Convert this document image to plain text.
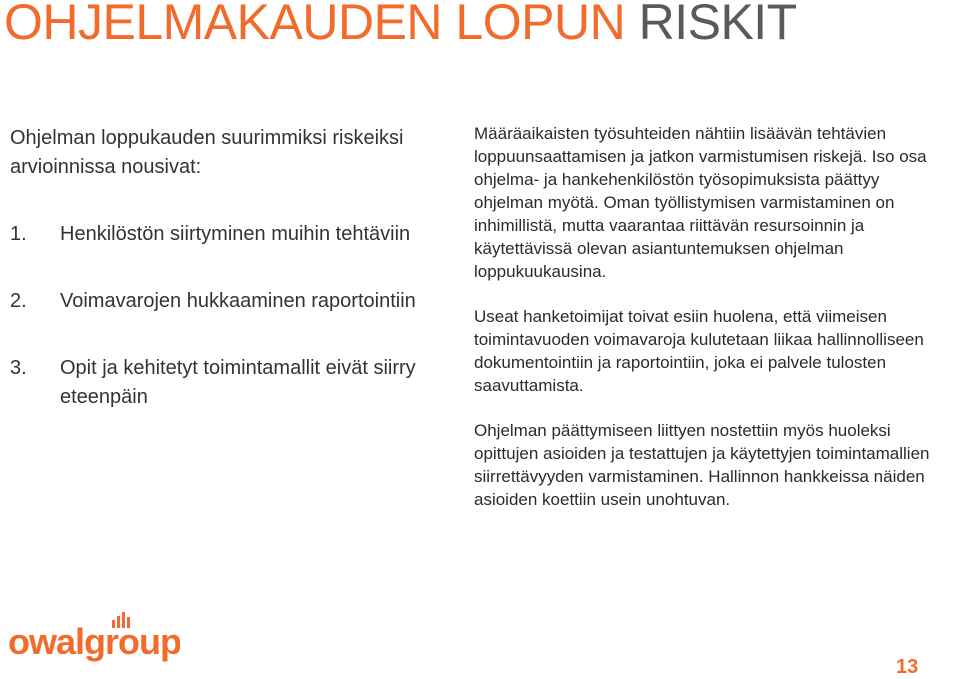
OHJELMAKAUDEN LOPUN RISKIT

Ohjelman loppukauden suurimmiksi riskeiksi arvioinnissa nousivat:

1.	Henkilöstön siirtyminen muihin tehtäviin
2.	Voimavarojen hukkaaminen raportointiin
3.	Opit ja kehitetyt toimintamallit eivät siirry eteenpäin

Määräaikaisten työsuhteiden nähtiin lisäävän tehtävien loppuunsaattamisen ja jatkon varmistumisen riskejä. Iso osa ohjelma- ja hankehenkilöstön työsopimuksista päättyy ohjelman myötä. Oman työllistymisen varmistaminen on inhimillistä, mutta vaarantaa riittävän resursoinnin ja käytettävissä olevan asiantuntemuksen ohjelman loppukuukausina.

Useat hanketoimijat toivat esiin huolena, että viimeisen toimintavuoden voimavaroja kulutetaan liikaa hallinnolliseen dokumentointiin ja raportointiin, joka ei palvele tulosten saavuttamista.

Ohjelman päättymiseen liittyen nostettiin myös huoleksi opittujen asioiden ja testattujen ja käytettyjen toimintamallien siirrettävyyden varmistaminen. Hallinnon hankkeissa näiden asioiden koettiin usein unohtuvan.

owalgroup
13
